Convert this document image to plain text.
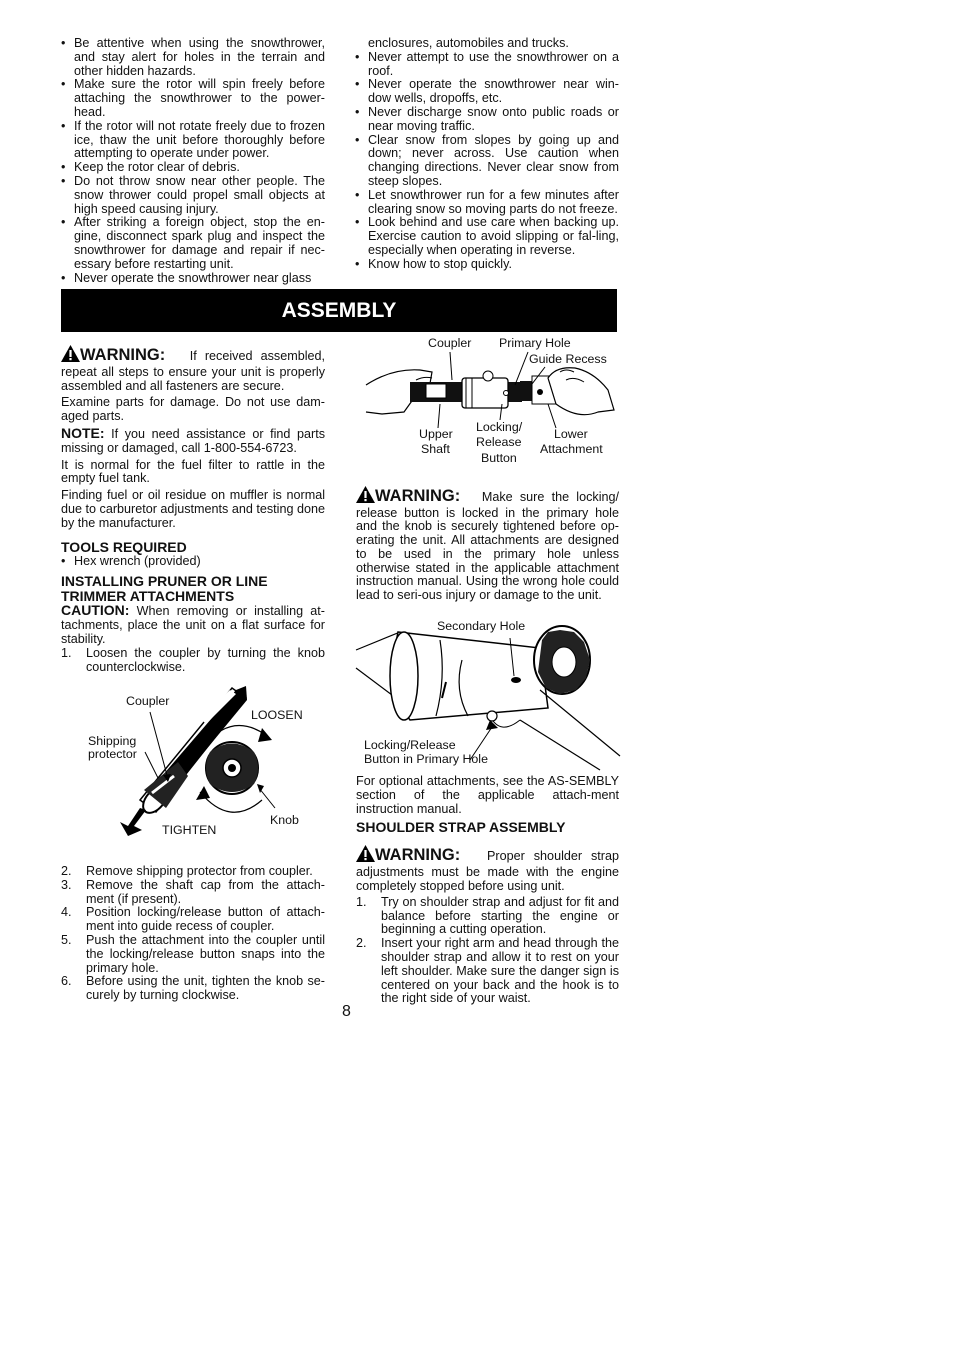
• Be attentive when using the snowthrower, and stay alert for holes in the terrain and other hidden hazards.
• Make sure the rotor will spin freely before attaching the snowthrower to the power-head.
• If the rotor will not rotate freely due to frozen ice, thaw the unit before thoroughly before attempting to operate under power.
• Keep the rotor clear of debris.
• Do not throw snow near other people. The snow thrower could propel small objects at high speed causing injury.
• After striking a foreign object, stop the en-gine, disconnect spark plug and inspect the snowthrower for damage and repair if nec-essary before restarting unit.
• Never operate the snowthrower near glass

enclosures, automobiles and trucks.

• Never attempt to use the snowthrower on a roof.
• Never operate the snowthrower near win-dow wells, dropoffs, etc.
• Never discharge snow onto public roads or near moving traffic.
• Clear snow from slopes by going up and down; never across. Use caution when changing directions. Never clear snow from steep slopes.
• Let snowthrower run for a few minutes after clearing snow so moving parts do not freeze.
• Look behind and use care when backing up. Exercise caution to avoid slipping or fal-ling, especially when operating in reverse.
• Know how to stop quickly.
ASSEMBLY

WARNING: If received assembled, repeat all steps to ensure your unit is properly assembled and all fasteners are secure.

Examine parts for damage. Do not use dam-aged parts.

NOTE: If you need assistance or find parts missing or damaged, call 1-800-554-6723.

It is normal for the fuel filter to rattle in the empty fuel tank.

Finding fuel or oil residue on muffler is normal due to carburetor adjustments and testing done by the manufacturer.

TOOLS REQUIRED
• Hex wrench (provided)
INSTALLING PRUNER OR LINE TRIMMER ATTACHMENTS

CAUTION: When removing or installing at-tachments, place the unit on a flat surface for stability.

1. Loosen the coupler by turning the knob counterclockwise.
Coupler
LOOSEN
Shipping
protector
Knob
TIGHTEN
2. Remove shipping protector from coupler.
3. Remove the shaft cap from the attach-ment (if present).
4. Position locking/release button of attach-ment into guide recess of coupler.
5. Push the attachment into the coupler until the locking/release button snaps into the primary hole.
6. Before using the unit, tighten the knob se-curely by turning clockwise.
Coupler Primary Hole
Guide Recess
Upper
Shaft
Locking/
Release
Button
Lower
Attachment

WARNING: Make sure the locking/ release button is locked in the primary hole and the knob is securely tightened before op-erating the unit. All attachments are designed to be used in the primary hole unless otherwise stated in the applicable attachment instruction manual. Using the wrong hole could lead to seri-ous injury or damage to the unit.

Secondary Hole
Locking/Release
Button in Primary Hole

For optional attachments, see the AS-SEMBLY section of the applicable attach-ment instruction manual.

SHOULDER STRAP ASSEMBLY

WARNING: Proper shoulder strap adjustments must be made with the engine completely stopped before using unit.

1. Try on shoulder strap and adjust for fit and balance before starting the engine or beginning a cutting operation.
2. Insert your right arm and head through the shoulder strap and allow it to rest on your left shoulder. Make sure the danger sign is centered on your back and the hook is to the right side of your waist.
8
